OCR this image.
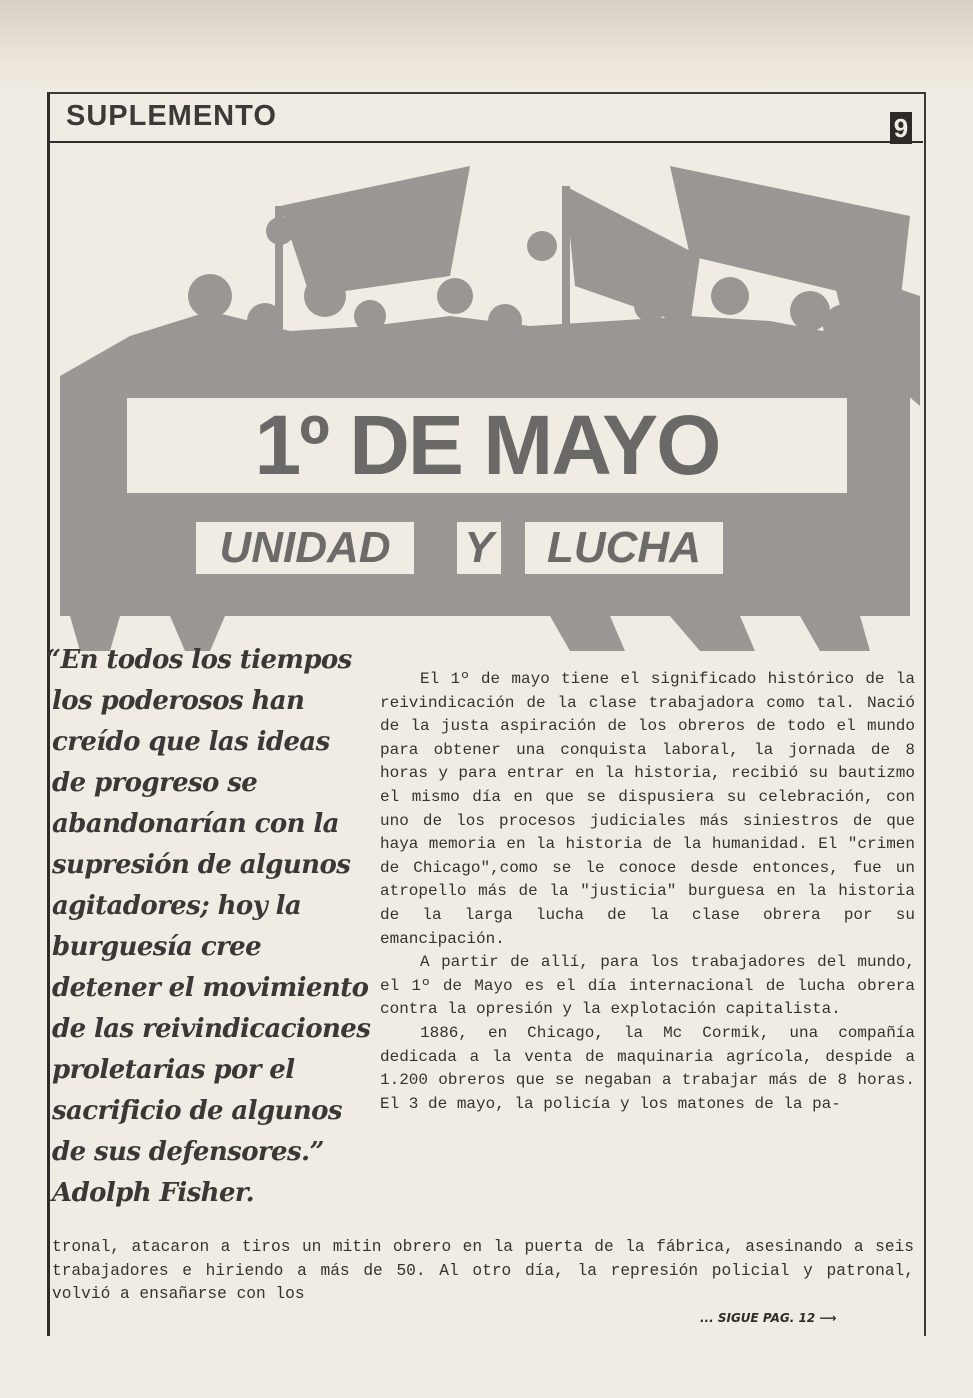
SUPLEMENTO	9
1º DE MAYO
UNIDAD	Y	LUCHA
“En todos los tiempos
los poderosos han
creído que las ideas
de progreso se
abandonarían con la
supresión de algunos
agitadores; hoy la
burguesía cree
detener el movimiento
de las reivindicaciones
proletarias por el
sacrificio de algunos
de sus defensores.”
Adolph Fisher.
El 1º de mayo tiene el significado histórico de la reivindicación de la clase trabajadora como tal. Nació de la justa aspiración de los obreros de todo el mundo para obtener una conquista laboral, la jornada de 8 horas y para entrar en la historia, recibió su bautizmo el mismo día en que se dispusiera su celebración, con uno de los procesos judiciales más siniestros de que haya memoria en la historia de la humanidad. El "crimen de Chicago",como se le conoce desde entonces, fue un atropello más de la "justicia" burguesa en la historia de la larga lucha de la clase obrera por su emancipación.
A partir de allí, para los trabajadores del mundo, el 1º de Mayo es el día internacional de lucha obrera contra la opresión y la explotación capitalista.
1886, en Chicago, la Mc Cormik, una compañía dedicada a la venta de maquinaria agrícola, despide a 1.200 obreros que se negaban a trabajar más de 8 horas. El 3 de mayo, la policía y los matones de la pa-
tronal, atacaron a tiros un mitin obrero en la puerta de la fábrica, asesinando a seis trabajadores e hiriendo a más de 50. Al otro día, la represión policial y patronal, volvió a ensañarse con los
... SIGUE PAG. 12 ⟶
